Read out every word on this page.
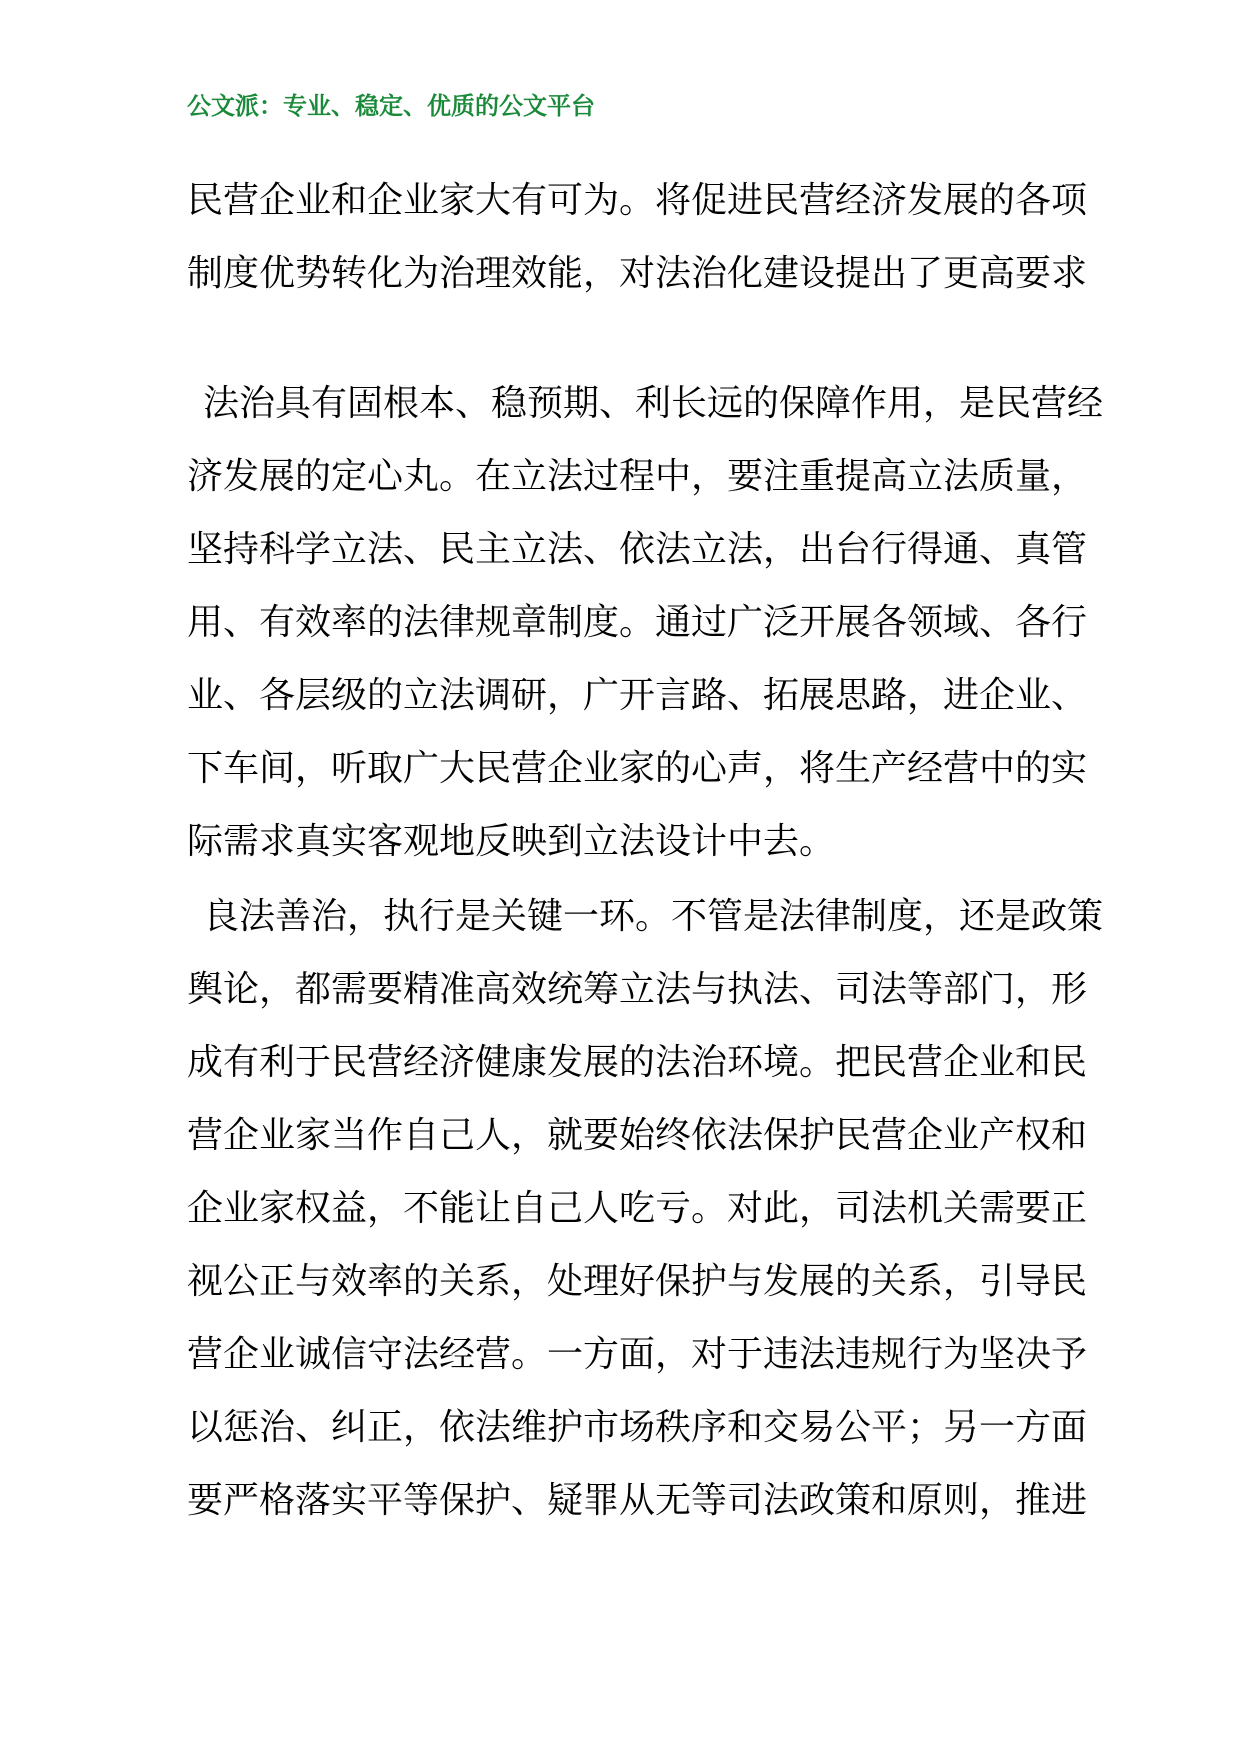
公文派：专业、稳定、优质的公文平台
民营企业和企业家大有可为。将促进民营经济发展的各项
制度优势转化为治理效能，对法治化建设提出了更高要求
法治具有固根本、稳预期、利长远的保障作用，是民营经
济发展的定心丸。在立法过程中，要注重提高立法质量，
坚持科学立法、民主立法、依法立法，出台行得通、真管
用、有效率的法律规章制度。通过广泛开展各领域、各行
业、各层级的立法调研，广开言路、拓展思路，进企业、
下车间，听取广大民营企业家的心声，将生产经营中的实
际需求真实客观地反映到立法设计中去。
良法善治，执行是关键一环。不管是法律制度，还是政策
舆论，都需要精准高效统筹立法与执法、司法等部门，形
成有利于民营经济健康发展的法治环境。把民营企业和民
营企业家当作自己人，就要始终依法保护民营企业产权和
企业家权益，不能让自己人吃亏。对此，司法机关需要正
视公正与效率的关系，处理好保护与发展的关系，引导民
营企业诚信守法经营。一方面，对于违法违规行为坚决予
以惩治、纠正，依法维护市场秩序和交易公平；另一方面
要严格落实平等保护、疑罪从无等司法政策和原则，推进
